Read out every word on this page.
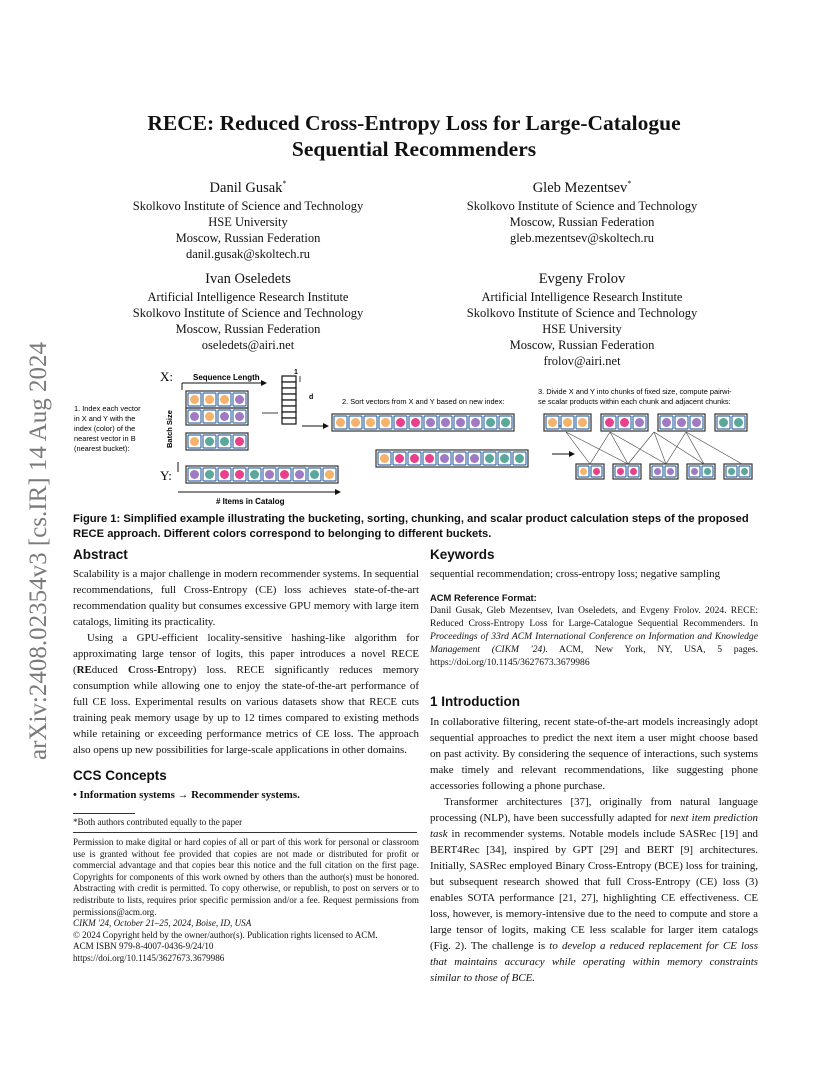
arXiv:2408.02354v3 [cs.IR] 14 Aug 2024
RECE: Reduced Cross-Entropy Loss for Large-Catalogue
Sequential Recommenders
Danil Gusak*
Skolkovo Institute of Science and Technology
HSE University
Moscow, Russian Federation
danil.gusak@skoltech.ru
Gleb Mezentsev*
Skolkovo Institute of Science and Technology
Moscow, Russian Federation
gleb.mezentsev@skoltech.ru
Ivan Oseledets
Artificial Intelligence Research Institute
Skolkovo Institute of Science and Technology
Moscow, Russian Federation
oseledets@airi.net
Evgeny Frolov
Artificial Intelligence Research Institute
Skolkovo Institute of Science and Technology
HSE University
Moscow, Russian Federation
frolov@airi.net
X:
Y:
Sequence Length
1
d
Batch Size
# Items in Catalog
1. Index each vector in X and Y with the index (color) of the nearest vector in B (nearest bucket):
2. Sort vectors from X and Y based on new index:
3. Divide X and Y into chunks of fixed size, compute pairwi- se scalar products within each chunk and adjacent chunks:
Figure 1: Simplified example illustrating the bucketing, sorting, chunking, and scalar product calculation steps of the proposed RECE approach. Different colors correspond to belonging to different buckets.
Abstract

Scalability is a major challenge in modern recommender systems. In sequential recommendations, full Cross-Entropy (CE) loss achieves state-of-the-art recommendation quality but consumes excessive GPU memory with large item catalogs, limiting its practicality.

Using a GPU-efficient locality-sensitive hashing-like algorithm for approximating large tensor of logits, this paper introduces a novel RECE (REduced Cross-Entropy) loss. RECE significantly reduces memory consumption while allowing one to enjoy the state-of-the-art performance of full CE loss. Experimental results on various datasets show that RECE cuts training peak memory usage by up to 12 times compared to existing methods while retaining or exceeding performance metrics of CE loss. The approach also opens up new possibilities for large-scale applications in other domains.

CCS Concepts
• Information systems → Recommender systems.
*Both authors contributed equally to the paper
Permission to make digital or hard copies of all or part of this work for personal or classroom use is granted without fee provided that copies are not made or distributed for profit or commercial advantage and that copies bear this notice and the full citation on the first page. Copyrights for components of this work owned by others than the author(s) must be honored. Abstracting with credit is permitted. To copy otherwise, or republish, to post on servers or to redistribute to lists, requires prior specific permission and/or a fee. Request permissions from permissions@acm.org.
CIKM '24, October 21–25, 2024, Boise, ID, USA
© 2024 Copyright held by the owner/author(s). Publication rights licensed to ACM.
ACM ISBN 979-8-4007-0436-9/24/10
https://doi.org/10.1145/3627673.3679986
Keywords
sequential recommendation; cross-entropy loss; negative sampling
ACM Reference Format:
Danil Gusak, Gleb Mezentsev, Ivan Oseledets, and Evgeny Frolov. 2024. RECE: Reduced Cross-Entropy Loss for Large-Catalogue Sequential Recommenders. In Proceedings of 33rd ACM International Conference on Information and Knowledge Management (CIKM '24). ACM, New York, NY, USA, 5 pages. https://doi.org/10.1145/3627673.3679986
1 Introduction

In collaborative filtering, recent state-of-the-art models increasingly adopt sequential approaches to predict the next item a user might choose based on past activity. By considering the sequence of interactions, such systems make timely and relevant recommendations, like suggesting phone accessories following a phone purchase.

Transformer architectures [37], originally from natural language processing (NLP), have been successfully adapted for next item prediction task in recommender systems. Notable models include SASRec [19] and BERT4Rec [34], inspired by GPT [29] and BERT [9] architectures. Initially, SASRec employed Binary Cross-Entropy (BCE) loss for training, but subsequent research showed that full Cross-Entropy (CE) loss (3) enables SOTA performance [21, 27], highlighting CE effectiveness. CE loss, however, is memory-intensive due to the need to compute and store a large tensor of logits, making CE less scalable for larger item catalogs (Fig. 2). The challenge is to develop a reduced replacement for CE loss that maintains accuracy while operating within memory constraints similar to those of BCE.
